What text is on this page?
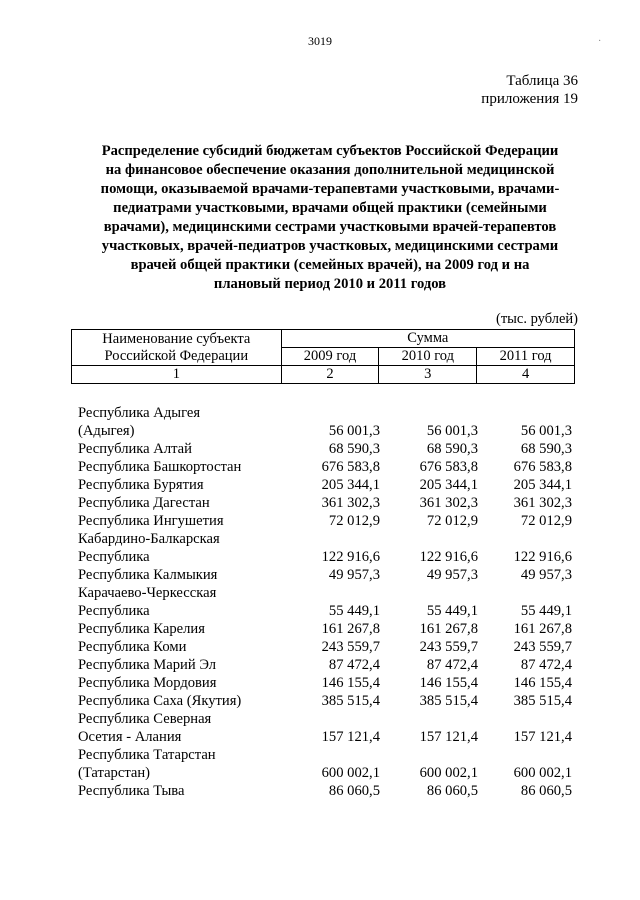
3019	·
Таблица 36
приложения 19
Распределение субсидий бюджетам субъектов Российской Федерации
на финансовое обеспечение оказания дополнительной медицинской
помощи, оказываемой врачами-терапевтами участковыми, врачами-
педиатрами участковыми, врачами общей практики (семейными
врачами), медицинскими сестрами участковыми врачей-терапевтов
участковых, врачей-педиатров участковых, медицинскими сестрами
врачей общей практики (семейных врачей), на 2009 год и на
плановый период 2010 и 2011 годов
(тыс. рублей)
Наименование субъекта
Российской Федерации	Сумма		
	2009 год	2010 год	2011 год
1	2	3	4
Республика Адыгея
(Адыгея)	56 001,3	56 001,3	56 001,3
Республика Алтай	68 590,3	68 590,3	68 590,3
Республика Башкортостан	676 583,8	676 583,8	676 583,8
Республика Бурятия	205 344,1	205 344,1	205 344,1
Республика Дагестан	361 302,3	361 302,3	361 302,3
Республика Ингушетия	72 012,9	72 012,9	72 012,9
Кабардино-Балкарская
Республика	122 916,6	122 916,6	122 916,6
Республика Калмыкия	49 957,3	49 957,3	49 957,3
Карачаево-Черкесская
Республика	55 449,1	55 449,1	55 449,1
Республика Карелия	161 267,8	161 267,8	161 267,8
Республика Коми	243 559,7	243 559,7	243 559,7
Республика Марий Эл	87 472,4	87 472,4	87 472,4
Республика Мордовия	146 155,4	146 155,4	146 155,4
Республика Саха (Якутия)	385 515,4	385 515,4	385 515,4
Республика Северная
Осетия - Алания	157 121,4	157 121,4	157 121,4
Республика Татарстан
(Татарстан)	600 002,1	600 002,1	600 002,1
Республика Тыва	86 060,5	86 060,5	86 060,5
